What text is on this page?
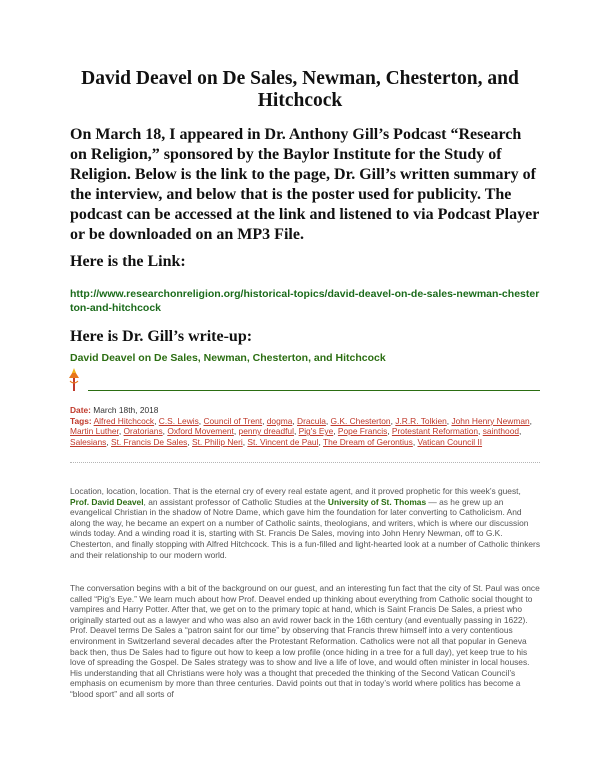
David Deavel on De Sales, Newman, Chesterton, and Hitchcock
On March 18, I appeared in Dr. Anthony Gill’s Podcast “Research on Religion,” sponsored by the Baylor Institute for the Study of Religion. Below is the link to the page, Dr. Gill’s written summary of the interview, and below that is the poster used for publicity. The podcast can be accessed at the link and listened to via Podcast Player or be downloaded on an MP3 File.
Here is the Link:
http://www.researchonreligion.org/historical-topics/david-deavel-on-de-sales-newman-chesterton-and-hitchcock
Here is Dr. Gill’s write-up:
David Deavel on De Sales, Newman, Chesterton, and Hitchcock
Date: March 18th, 2018
Tags: Alfred Hitchcock, C.S. Lewis, Council of Trent, dogma, Dracula, G.K. Chesterton, J.R.R. Tolkien, John Henry Newman, Martin Luther, Oratorians, Oxford Movement, penny dreadful, Pig's Eye, Pope Francis, Protestant Reformation, sainthood, Salesians, St. Francis De Sales, St. Philip Neri, St. Vincent de Paul, The Dream of Gerontius, Vatican Council II
Location, location, location. That is the eternal cry of every real estate agent, and it proved prophetic for this week’s guest, Prof. David Deavel, an assistant professor of Catholic Studies at the University of St. Thomas — as he grew up an evangelical Christian in the shadow of Notre Dame, which gave him the foundation for later converting to Catholicism. And along the way, he became an expert on a number of Catholic saints, theologians, and writers, which is where our discussion winds today. And a winding road it is, starting with St. Francis De Sales, moving into John Henry Newman, off to G.K. Chesterton, and finally stopping with Alfred Hitchcock. This is a fun-filled and light-hearted look at a number of Catholic thinkers and their relationship to our modern world.
The conversation begins with a bit of the background on our guest, and an interesting fun fact that the city of St. Paul was once called “Pig’s Eye.” We learn much about how Prof. Deavel ended up thinking about everything from Catholic social thought to vampires and Harry Potter. After that, we get on to the primary topic at hand, which is Saint Francis De Sales, a priest who originally started out as a lawyer and who was also an avid rower back in the 16th century (and eventually passing in 1622). Prof. Deavel terms De Sales a “patron saint for our time” by observing that Francis threw himself into a very contentious environment in Switzerland several decades after the Protestant Reformation. Catholics were not all that popular in Geneva back then, thus De Sales had to figure out how to keep a low profile (once hiding in a tree for a full day), yet keep true to his love of spreading the Gospel. De Sales strategy was to show and live a life of love, and would often minister in local houses. His understanding that all Christians were holy was a thought that preceded the thinking of the Second Vatican Council’s emphasis on ecumenism by more than three centuries. David points out that in today’s world where politics has become a “blood sport” and all sorts of
